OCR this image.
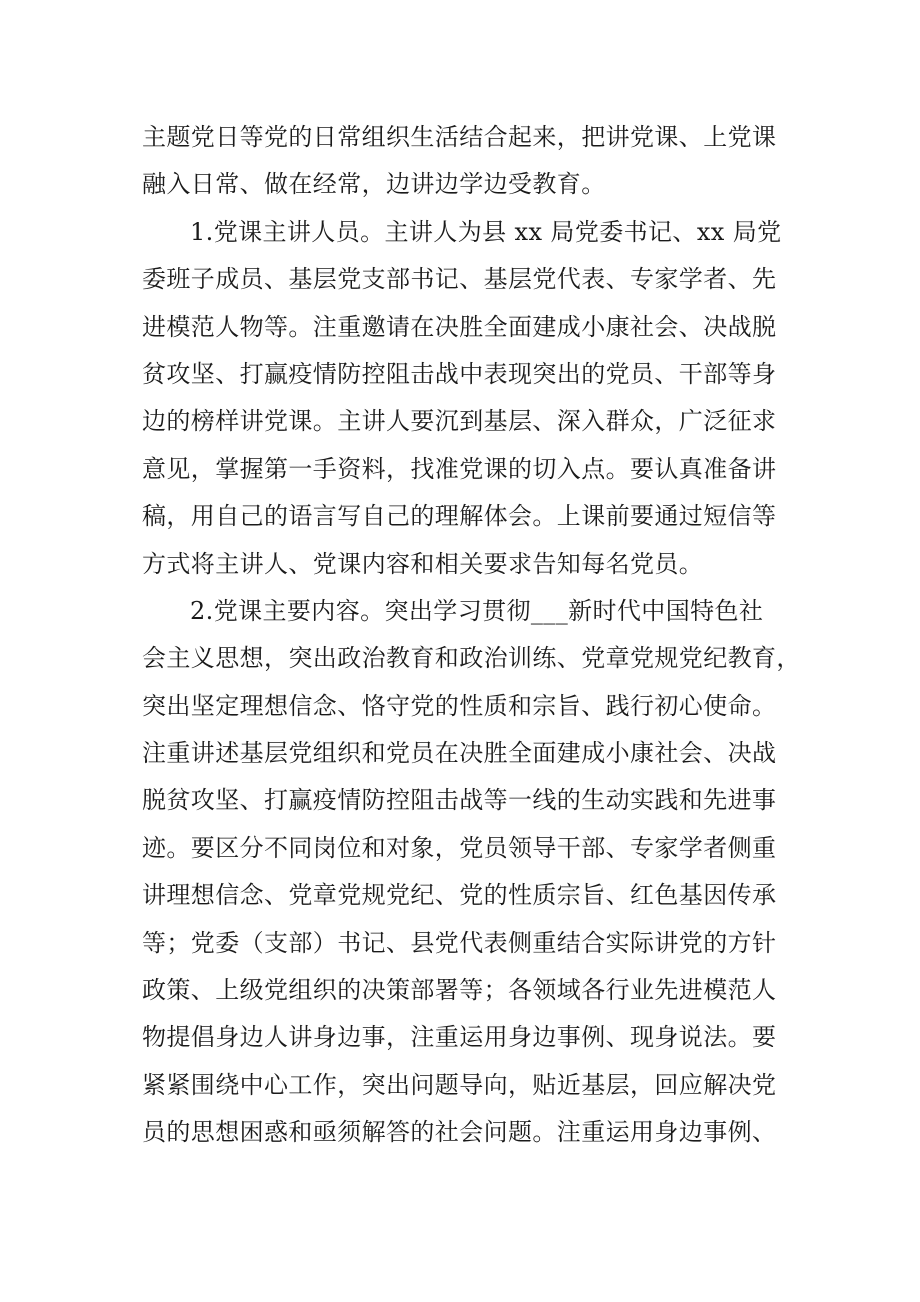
主题党日等党的日常组织生活结合起来，把讲党课、上党课
融入日常、做在经常，边讲边学边受教育。
1.党课主讲人员。主讲人为县 xx 局党委书记、xx 局党
委班子成员、基层党支部书记、基层党代表、专家学者、先
进模范人物等。注重邀请在决胜全面建成小康社会、决战脱
贫攻坚、打赢疫情防控阻击战中表现突出的党员、干部等身
边的榜样讲党课。主讲人要沉到基层、深入群众，广泛征求
意见，掌握第一手资料，找准党课的切入点。要认真准备讲
稿，用自己的语言写自己的理解体会。上课前要通过短信等
方式将主讲人、党课内容和相关要求告知每名党员。
2.党课主要内容。突出学习贯彻___新时代中国特色社
会主义思想，突出政治教育和政治训练、党章党规党纪教育，
突出坚定理想信念、恪守党的性质和宗旨、践行初心使命。
注重讲述基层党组织和党员在决胜全面建成小康社会、决战
脱贫攻坚、打赢疫情防控阻击战等一线的生动实践和先进事
迹。要区分不同岗位和对象，党员领导干部、专家学者侧重
讲理想信念、党章党规党纪、党的性质宗旨、红色基因传承
等；党委（支部）书记、县党代表侧重结合实际讲党的方针
政策、上级党组织的决策部署等；各领域各行业先进模范人
物提倡身边人讲身边事，注重运用身边事例、现身说法。要
紧紧围绕中心工作，突出问题导向，贴近基层，回应解决党
员的思想困惑和亟须解答的社会问题。注重运用身边事例、
